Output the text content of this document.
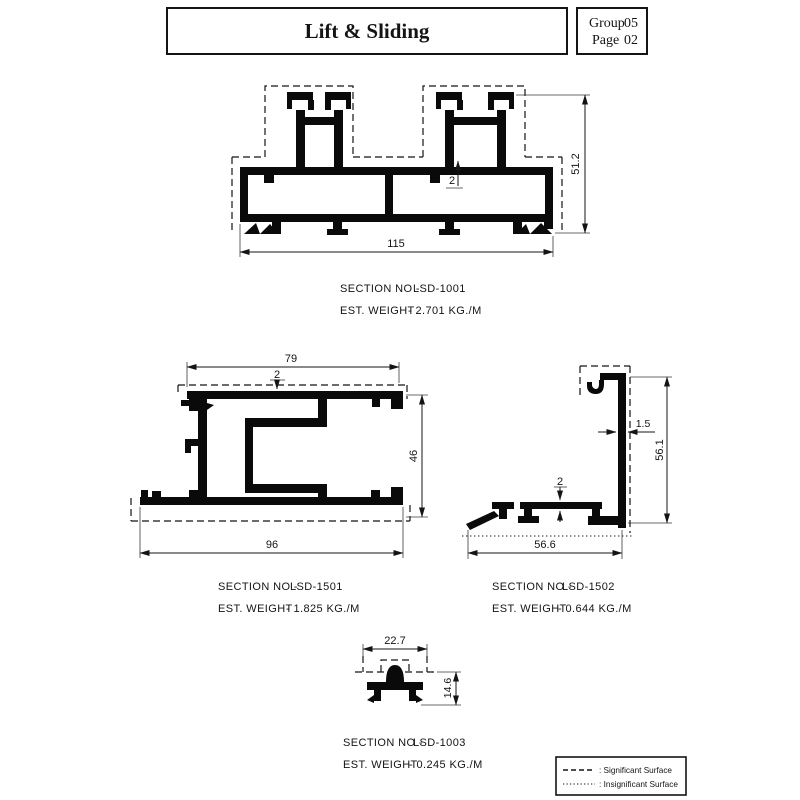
Lift & Sliding	Group 05
Page 02
51.2
115
2
SECTION NO -
LSD-1001
EST. WEIGHT
- 2.701 KG./M
79
2
46
96
SECTION NO -
LSD-1501
EST. WEIGHT
- 1.825 KG./M
1.5
56.1
2
56.6
SECTION NO -
LSD-1502
EST. WEIGHT
- 0.644 KG./M
22.7
14.6
SECTION NO -
LSD-1003
EST. WEIGHT
- 0.245 KG./M	: Significant Surface
: Insignificant Surface
